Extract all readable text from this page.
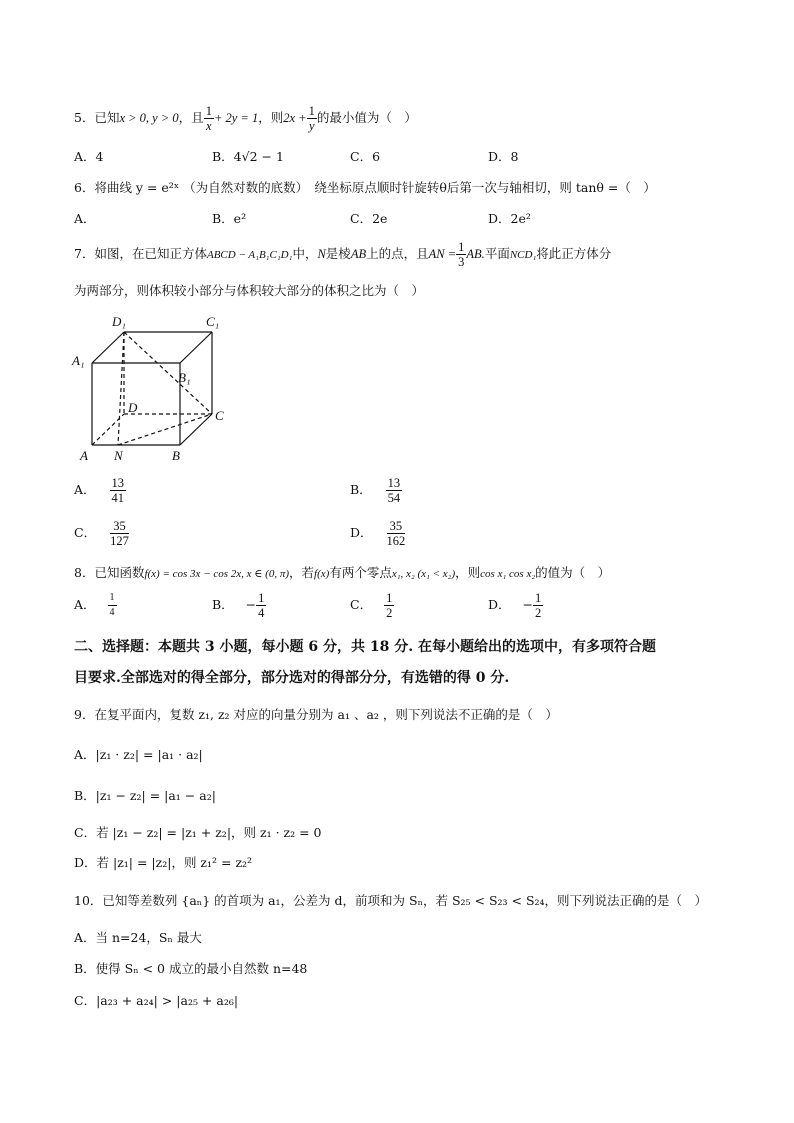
5．已知x > 0, y > 0，且 $\frac{1}{x} + 2y = 1$，则$2x + \frac{1}{y}$ 的最小值为（　）
A．4	B．4√2 − 1	C．6	D．8
6．将曲线 y = e²ˣ （为自然对数的底数）　绕坐标原点顺时针旋转θ后第一次与轴相切，则 tanθ =（　）
A．	B．e²	C．2e	D．2e²
7．如图，在已知正方体ABCD − A₁B₁C₁D₁中，N是棱AB上的点，且AN = $\frac{1}{3}$ AB.平面NCD₁将此正方体分
为两部分，则体积较小部分与体积较大部分的体积之比为（　）
D₁	C₁
A₁
B₁
D
C
A N	B
A． $\frac{13}{41}$	B． $\frac{13}{54}$
C． $\frac{35}{127}$	D． $\frac{35}{162}$
8．已知函数f(x) = cos 3x − cos 2x, x ∈ (0, π)，若f(x)有两个零点x₁, x₂ (x₁ < x₂)，则cos x₁ cos x₂的值为（　）
A． $\frac{1}{4}$	B． − $\frac{1}{4}$	C． $\frac{1}{2}$	D． − $\frac{1}{2}$
二、选择题：本题共 3 小题，每小题 6 分，共 18 分. 在每小题给出的选项中，有多项符合题
目要求.全部选对的得全部分，部分选对的得部分分，有选错的得 0 分.
9．在复平面内，复数 z₁, z₂ 对应的向量分别为 a₁ 、a₂ ，则下列说法不正确的是（　）
A．|z₁ · z₂| = |a₁ · a₂|
B．|z₁ − z₂| = |a₁ − a₂|
C．若 |z₁ − z₂| = |z₁ + z₂|，则 z₁ · z₂ = 0
D．若 |z₁| = |z₂|，则 z₁² = z₂²
10．已知等差数列 {aₙ} 的首项为 a₁，公差为 d，前项和为 Sₙ，若 S₂₅ < S₂₃ < S₂₄，则下列说法正确的是（　）
A．当 n=24，Sₙ 最大
B．使得 Sₙ < 0 成立的最小自然数 n=48
C．|a₂₃ + a₂₄| > |a₂₅ + a₂₆|
